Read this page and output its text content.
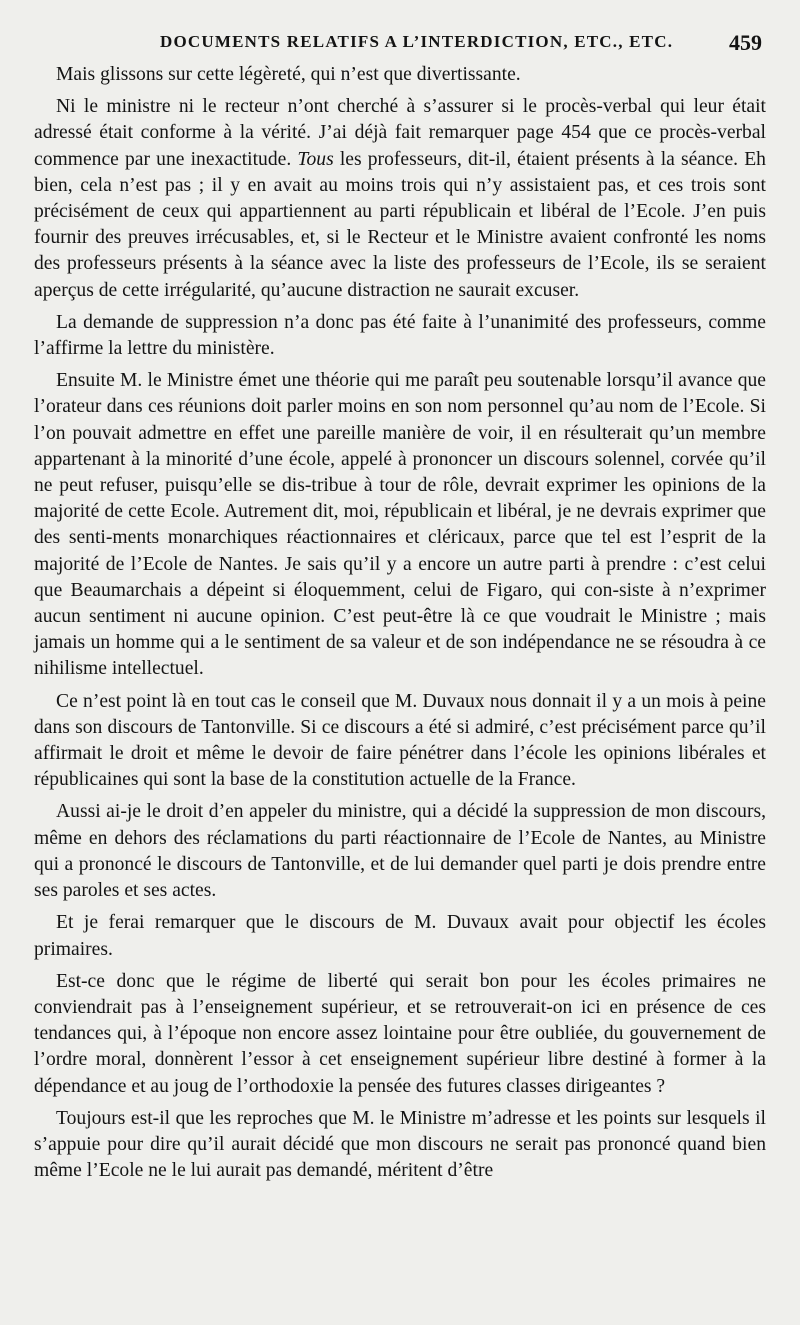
DOCUMENTS RELATIFS A L’INTERDICTION, ETC., ETC.	459

Mais glissons sur cette légèreté, qui n’est que divertissante.

Ni le ministre ni le recteur n’ont cherché à s’assurer si le procès-verbal qui leur était adressé était conforme à la vérité. J’ai déjà fait remarquer page 454 que ce procès-verbal commence par une inexactitude. Tous les professeurs, dit-il, étaient présents à la séance. Eh bien, cela n’est pas ; il y en avait au moins trois qui n’y assistaient pas, et ces trois sont précisément de ceux qui appartiennent au parti républicain et libéral de l’Ecole. J’en puis fournir des preuves irrécusables, et, si le Recteur et le Ministre avaient confronté les noms des professeurs présents à la séance avec la liste des professeurs de l’Ecole, ils se seraient aperçus de cette irrégularité, qu’aucune distraction ne saurait excuser.

La demande de suppression n’a donc pas été faite à l’unanimité des professeurs, comme l’affirme la lettre du ministère.

Ensuite M. le Ministre émet une théorie qui me paraît peu soutenable lorsqu’il avance que l’orateur dans ces réunions doit parler moins en son nom personnel qu’au nom de l’Ecole. Si l’on pouvait admettre en effet une pareille manière de voir, il en résulterait qu’un membre appartenant à la minorité d’une école, appelé à prononcer un discours solennel, corvée qu’il ne peut refuser, puisqu’elle se dis-tribue à tour de rôle, devrait exprimer les opinions de la majorité de cette Ecole. Autrement dit, moi, républicain et libéral, je ne devrais exprimer que des senti-ments monarchiques réactionnaires et cléricaux, parce que tel est l’esprit de la majorité de l’Ecole de Nantes. Je sais qu’il y a encore un autre parti à prendre : c’est celui que Beaumarchais a dépeint si éloquemment, celui de Figaro, qui con-siste à n’exprimer aucun sentiment ni aucune opinion. C’est peut-être là ce que voudrait le Ministre ; mais jamais un homme qui a le sentiment de sa valeur et de son indépendance ne se résoudra à ce nihilisme intellectuel.

Ce n’est point là en tout cas le conseil que M. Duvaux nous donnait il y a un mois à peine dans son discours de Tantonville. Si ce discours a été si admiré, c’est précisément parce qu’il affirmait le droit et même le devoir de faire pénétrer dans l’école les opinions libérales et républicaines qui sont la base de la constitution actuelle de la France.

Aussi ai-je le droit d’en appeler du ministre, qui a décidé la suppression de mon discours, même en dehors des réclamations du parti réactionnaire de l’Ecole de Nantes, au Ministre qui a prononcé le discours de Tantonville, et de lui demander quel parti je dois prendre entre ses paroles et ses actes.

Et je ferai remarquer que le discours de M. Duvaux avait pour objectif les écoles primaires.

Est-ce donc que le régime de liberté qui serait bon pour les écoles primaires ne conviendrait pas à l’enseignement supérieur, et se retrouverait-on ici en présence de ces tendances qui, à l’époque non encore assez lointaine pour être oubliée, du gouvernement de l’ordre moral, donnèrent l’essor à cet enseignement supérieur libre destiné à former à la dépendance et au joug de l’orthodoxie la pensée des futures classes dirigeantes ?

Toujours est-il que les reproches que M. le Ministre m’adresse et les points sur lesquels il s’appuie pour dire qu’il aurait décidé que mon discours ne serait pas prononcé quand bien même l’Ecole ne le lui aurait pas demandé, méritent d’être
